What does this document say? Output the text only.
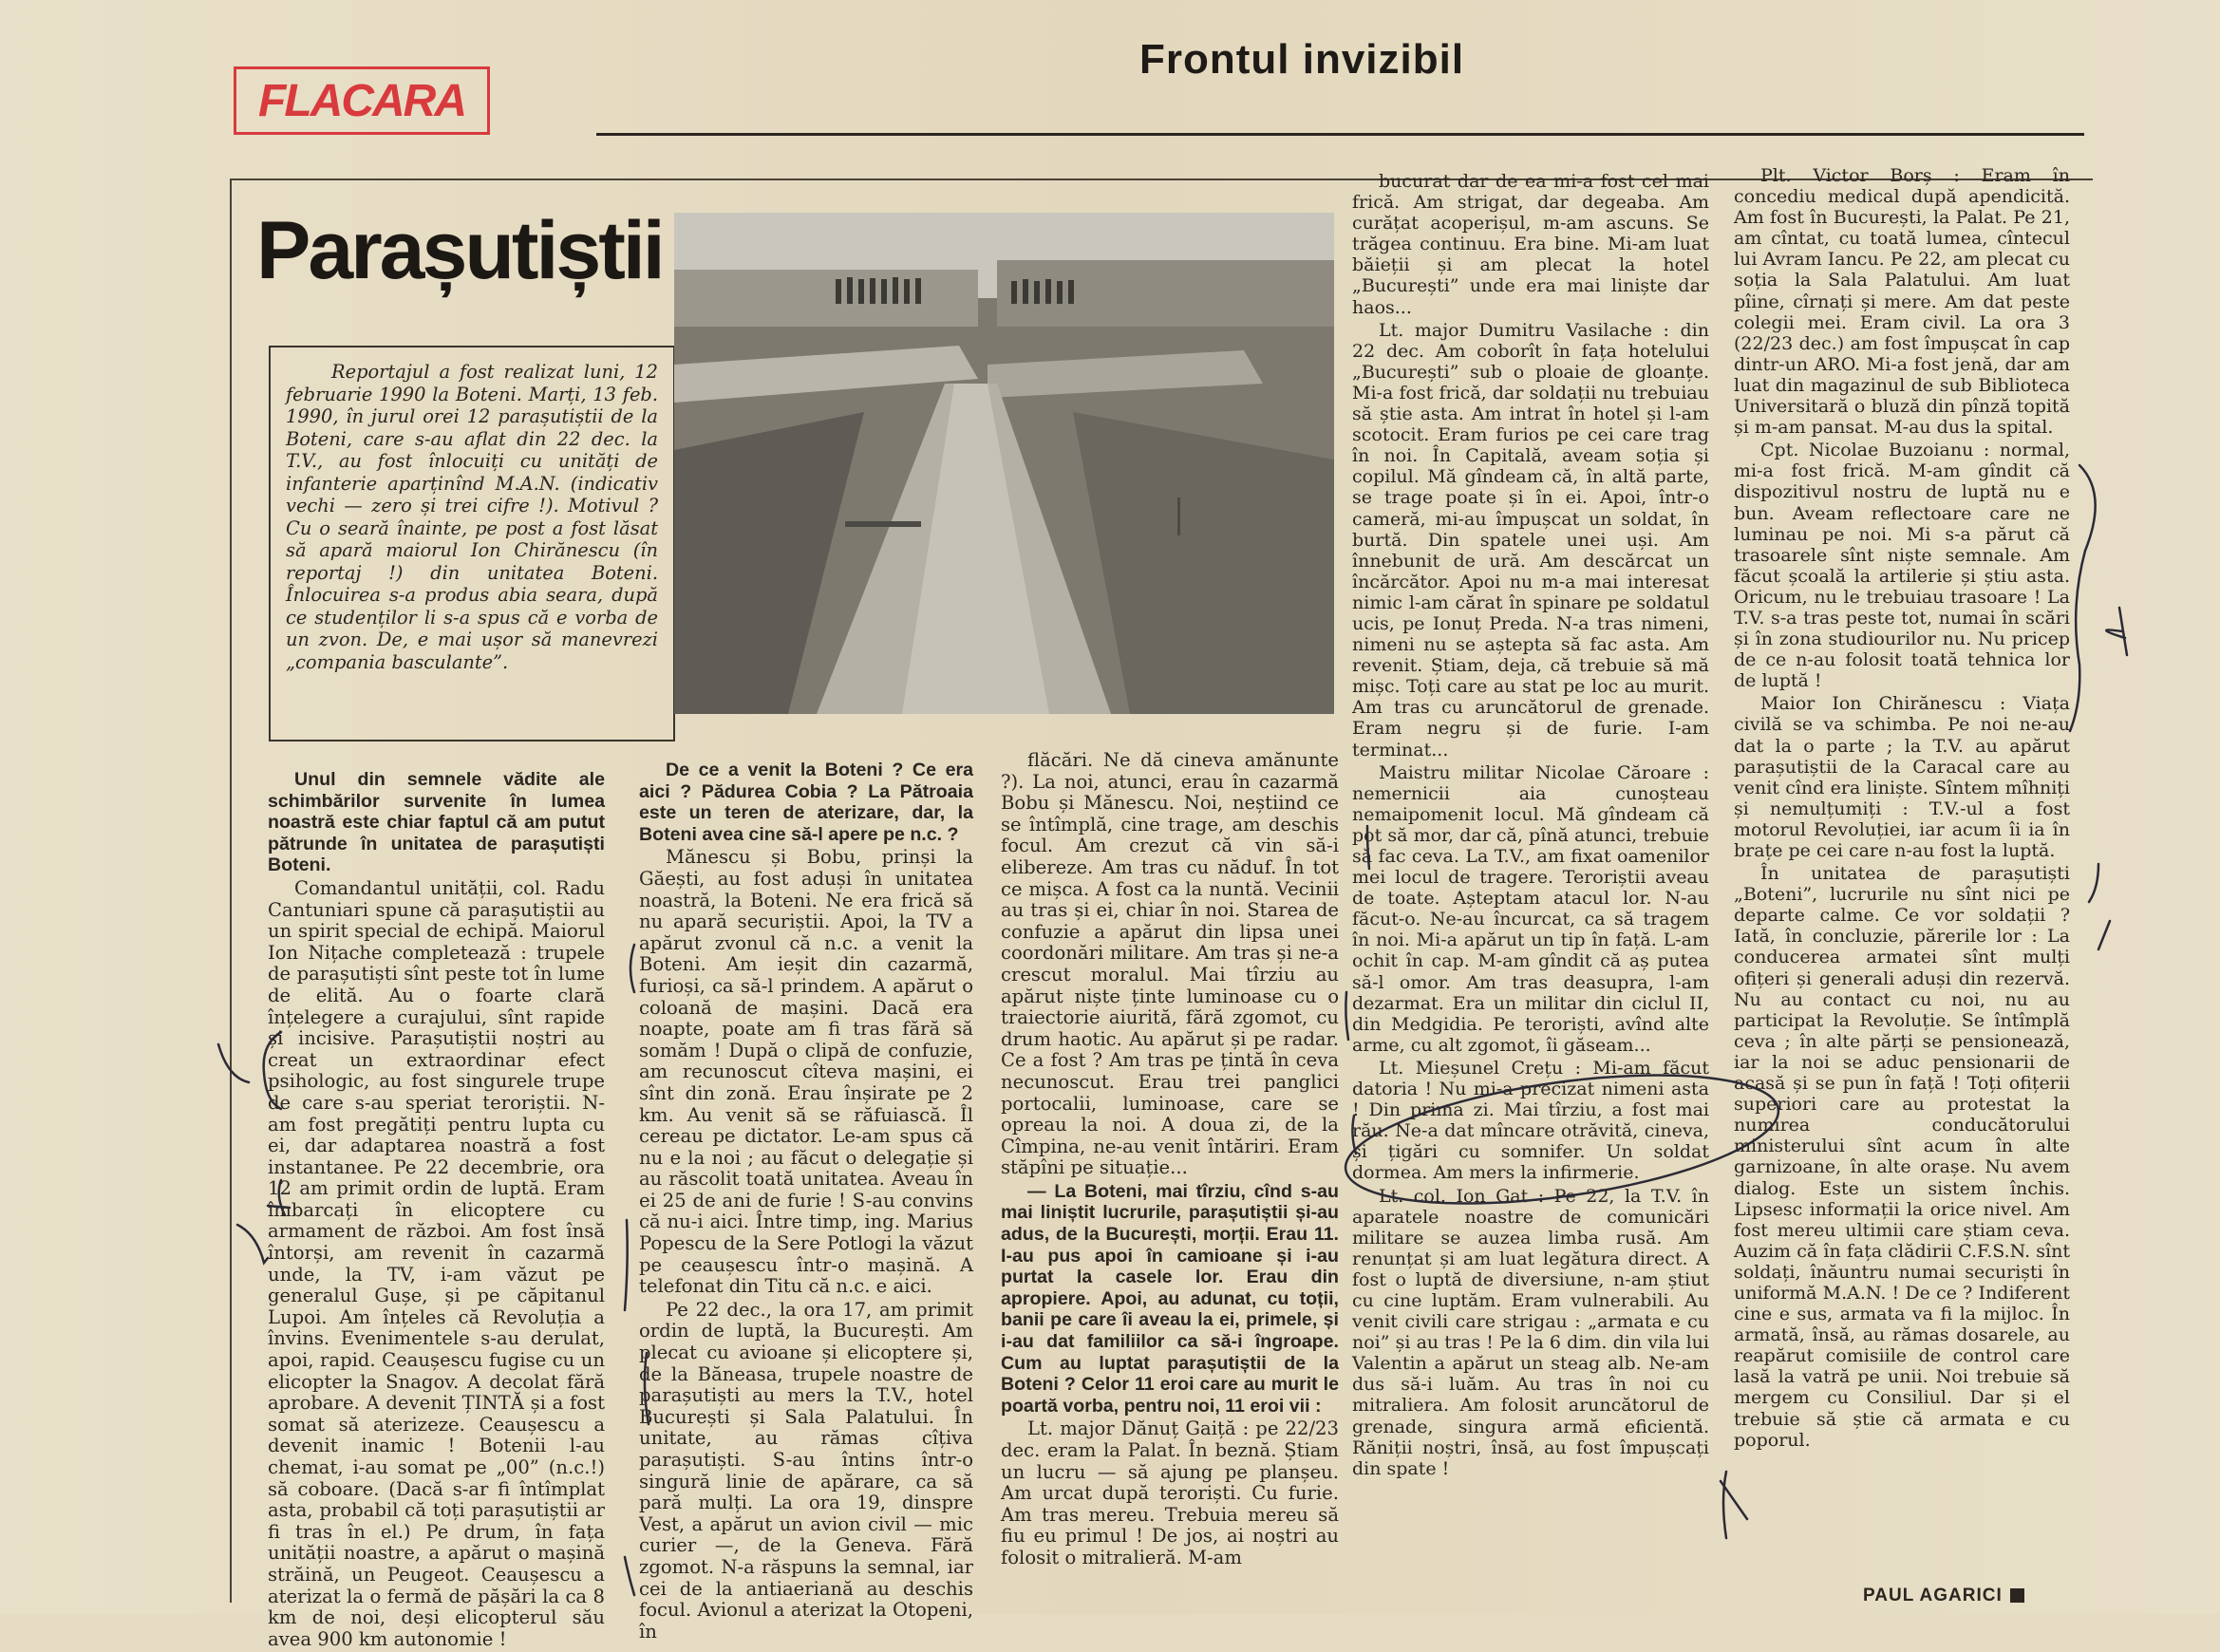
FLACARA
Frontul invizibil
Parașutiștii

Reportajul a fost realizat luni, 12 februarie 1990 la Boteni. Marți, 13 feb. 1990, în jurul orei 12 parașutiștii de la Boteni, care s-au aflat din 22 dec. la T.V., au fost înlocuiți cu unități de infanterie aparținînd M.A.N. (indicativ vechi — zero și trei cifre !). Motivul ? Cu o seară înainte, pe post a fost lăsat să apară maiorul Ion Chirănescu (în reportaj !) din unitatea Boteni. Înlocuirea s-a produs abia seara, după ce studenților li s-a spus că e vorba de un zvon. De, e mai ușor să manevrezi „compania basculante”.

Unul din semnele vădite ale schimbărilor survenite în lumea noastră este chiar faptul că am putut pătrunde în unitatea de parașutiști Boteni.

Comandantul unității, col. Radu Cantuniari spune că parașutiștii au un spirit special de echipă. Maiorul Ion Nițache completează : trupele de parașutiști sînt peste tot în lume de elită. Au o foarte clară înțelegere a curajului, sînt rapide și incisive. Parașutiștii noștri au creat un extraordinar efect psihologic, au fost singurele trupe de care s-au speriat teroriștii. N-am fost pregătiți pentru lupta cu ei, dar adaptarea noastră a fost instantanee. Pe 22 decembrie, ora 12 am primit ordin de luptă. Eram îmbarcați în elicoptere cu armament de război. Am fost însă întorși, am revenit în cazarmă unde, la TV, i-am văzut pe generalul Gușe, și pe căpitanul Lupoi. Am înțeles că Revoluția a învins. Evenimentele s-au derulat, apoi, rapid. Ceaușescu fugise cu un elicopter la Snagov. A decolat fără aprobare. A devenit ȚINTĂ și a fost somat să aterizeze. Ceaușescu a devenit inamic ! Botenii l-au chemat, i-au somat pe „00” (n.c.!) să coboare. (Dacă s-ar fi întîmplat asta, probabil că toți parașutiștii ar fi tras în el.) Pe drum, în fața unității noastre, a apărut o mașină străină, un Peugeot. Ceaușescu a aterizat la o fermă de pășări la ca 8 km de noi, deși elicopterul său avea 900 km autonomie !

De ce a venit la Boteni ? Ce era aici ? Pădurea Cobia ? La Pătroaia este un teren de aterizare, dar, la Boteni avea cine să-l apere pe n.c. ?

Mănescu și Bobu, prinși la Găești, au fost aduși în unitatea noastră, la Boteni. Ne era frică să nu apară securiștii. Apoi, la TV a apărut zvonul că n.c. a venit la Boteni. Am ieșit din cazarmă, furioși, ca să-l prindem. A apărut o coloană de mașini. Dacă era noapte, poate am fi tras fără să somăm ! După o clipă de confuzie, am recunoscut cîteva mașini, ei sînt din zonă. Erau înșirate pe 2 km. Au venit să se răfuiască. Îl cereau pe dictator. Le-am spus că nu e la noi ; au făcut o delegație și au răscolit toată unitatea. Aveau în ei 25 de ani de furie ! S-au convins că nu-i aici. Între timp, ing. Marius Popescu de la Sere Potlogi la văzut pe ceaușescu într-o mașină. A telefonat din Titu că n.c. e aici.

Pe 22 dec., la ora 17, am primit ordin de luptă, la București. Am plecat cu avioane și elicoptere și, de la Băneasa, trupele noastre de parașutiști au mers la T.V., hotel București și Sala Palatului. În unitate, au rămas cîțiva parașutiști. S-au întins într-o singură linie de apărare, ca să pară mulți. La ora 19, dinspre Vest, a apărut un avion civil — mic curier —, de la Geneva. Fără zgomot. N-a răspuns la semnal, iar cei de la antiaeriană au deschis focul. Avionul a aterizat la Otopeni, în

flăcări. Ne dă cineva amănunte ?). La noi, atunci, erau în cazarmă Bobu și Mănescu. Noi, neștiind ce se întîmplă, cine trage, am deschis focul. Am crezut că vin să-i elibereze. Am tras cu năduf. În tot ce mișca. A fost ca la nuntă. Vecinii au tras și ei, chiar în noi. Starea de confuzie a apărut din lipsa unei coordonări militare. Am tras și ne-a crescut moralul. Mai tîrziu au apărut niște ținte luminoase cu o traiectorie aiurită, fără zgomot, cu drum haotic. Au apărut și pe radar. Ce a fost ? Am tras pe țintă în ceva necunoscut. Erau trei panglici portocalii, luminoase, care se opreau la noi. A doua zi, de la Cîmpina, ne-au venit întăriri. Eram stăpîni pe situație...

— La Boteni, mai tîrziu, cînd s-au mai liniștit lucrurile, parașutiștii și-au adus, de la București, morții. Erau 11. I-au pus apoi în camioane și i-au purtat la casele lor. Erau din apropiere. Apoi, au adunat, cu toții, banii pe care îi aveau la ei, primele, și i-au dat familiilor ca să-i îngroape. Cum au luptat parașutiștii de la Boteni ? Celor 11 eroi care au murit le poartă vorba, pentru noi, 11 eroi vii :

Lt. major Dănuț Gaiță : pe 22/23 dec. eram la Palat. În beznă. Știam un lucru — să ajung pe planșeu. Am urcat după teroriști. Cu furie. Am tras mereu. Trebuia mereu să fiu eu primul ! De jos, ai noștri au folosit o mitralieră. M-am

bucurat dar de ea mi-a fost cel mai frică. Am strigat, dar degeaba. Am curățat acoperișul, m-am ascuns. Se trăgea continuu. Era bine. Mi-am luat băieții și am plecat la hotel „București” unde era mai liniște dar haos...

Lt. major Dumitru Vasilache : din 22 dec. Am coborît în fața hotelului „București” sub o ploaie de gloanțe. Mi-a fost frică, dar soldații nu trebuiau să știe asta. Am intrat în hotel și l-am scotocit. Eram furios pe cei care trag în noi. În Capitală, aveam soția și copilul. Mă gîndeam că, în altă parte, se trage poate și în ei. Apoi, într-o cameră, mi-au împușcat un soldat, în burtă. Din spatele unei uși. Am înnebunit de ură. Am descărcat un încărcător. Apoi nu m-a mai interesat nimic l-am cărat în spinare pe soldatul ucis, pe Ionuț Preda. N-a tras nimeni, nimeni nu se aștepta să fac asta. Am revenit. Știam, deja, că trebuie să mă mișc. Toți care au stat pe loc au murit. Am tras cu aruncătorul de grenade. Eram negru și de furie. I-am terminat...

Maistru militar Nicolae Căroare : nemernicii aia cunoșteau nemaipomenit locul. Mă gîndeam că pot să mor, dar că, pînă atunci, trebuie să fac ceva. La T.V., am fixat oamenilor mei locul de tragere. Teroriștii aveau de toate. Așteptam atacul lor. N-au făcut-o. Ne-au încurcat, ca să tragem în noi. Mi-a apărut un tip în față. L-am ochit în cap. M-am gîndit că aș putea să-l omor. Am tras deasupra, l-am dezarmat. Era un militar din ciclul II, din Medgidia. Pe teroriști, avînd alte arme, cu alt zgomot, îi găseam...

Lt. Mieșunel Crețu : Mi-am făcut datoria ! Nu mi-a precizat nimeni asta ! Din prima zi. Mai tîrziu, a fost mai rău. Ne-a dat mîncare otrăvită, cineva, și țigări cu somnifer. Un soldat dormea. Am mers la infirmerie.

Lt. col. Ion Gat : Pe 22, la T.V. în aparatele noastre de comunicări militare se auzea limba rusă. Am renunțat și am luat legătura direct. A fost o luptă de diversiune, n-am știut cu cine luptăm. Eram vulnerabili. Au venit civili care strigau : „armata e cu noi” și au tras ! Pe la 6 dim. din vila lui Valentin a apărut un steag alb. Ne-am dus să-i luăm. Au tras în noi cu mitraliera. Am folosit aruncătorul de grenade, singura armă eficientă. Răniții noștri, însă, au fost împușcați din spate !

Plt. Victor Borș : Eram în concediu medical după apendicită. Am fost în București, la Palat. Pe 21, am cîntat, cu toată lumea, cîntecul lui Avram Iancu. Pe 22, am plecat cu soția la Sala Palatului. Am luat pîine, cîrnați și mere. Am dat peste colegii mei. Eram civil. La ora 3 (22/23 dec.) am fost împușcat în cap dintr-un ARO. Mi-a fost jenă, dar am luat din magazinul de sub Biblioteca Universitară o bluză din pînză topită și m-am pansat. M-au dus la spital.

Cpt. Nicolae Buzoianu : normal, mi-a fost frică. M-am gîndit că dispozitivul nostru de luptă nu e bun. Aveam reflectoare care ne luminau pe noi. Mi s-a părut că trasoarele sînt niște semnale. Am făcut școală la artilerie și știu asta. Oricum, nu le trebuiau trasoare ! La T.V. s-a tras peste tot, numai în scări și în zona studiourilor nu. Nu pricep de ce n-au folosit toată tehnica lor de luptă !

Maior Ion Chirănescu : Viața civilă se va schimba. Pe noi ne-au dat la o parte ; la T.V. au apărut parașutiștii de la Caracal care au venit cînd era liniște. Sîntem mîhniți și nemulțumiți : T.V.-ul a fost motorul Revoluției, iar acum îi ia în brațe pe cei care n-au fost la luptă.

În unitatea de parașutiști „Boteni”, lucrurile nu sînt nici pe departe calme. Ce vor soldații ? Iată, în concluzie, părerile lor : La conducerea armatei sînt mulți ofițeri și generali aduși din rezervă. Nu au contact cu noi, nu au participat la Revoluție. Se întîmplă ceva ; în alte părți se pensionează, iar la noi se aduc pensionarii de acasă și se pun în față ! Toți ofițerii superiori care au protestat la numirea conducătorului ministerului sînt acum în alte garnizoane, în alte orașe. Nu avem dialog. Este un sistem închis. Lipsesc informații la orice nivel. Am fost mereu ultimii care știam ceva. Auzim că în fața clădirii C.F.S.N. sînt soldați, înăuntru numai securiști în uniformă M.A.N. ! De ce ? Indiferent cine e sus, armata va fi la mijloc. În armată, însă, au rămas dosarele, au reapărut comisiile de control care lasă la vatră pe unii. Noi trebuie să mergem cu Consiliul. Dar și el trebuie să știe că armata e cu poporul.

PAUL AGARICI
